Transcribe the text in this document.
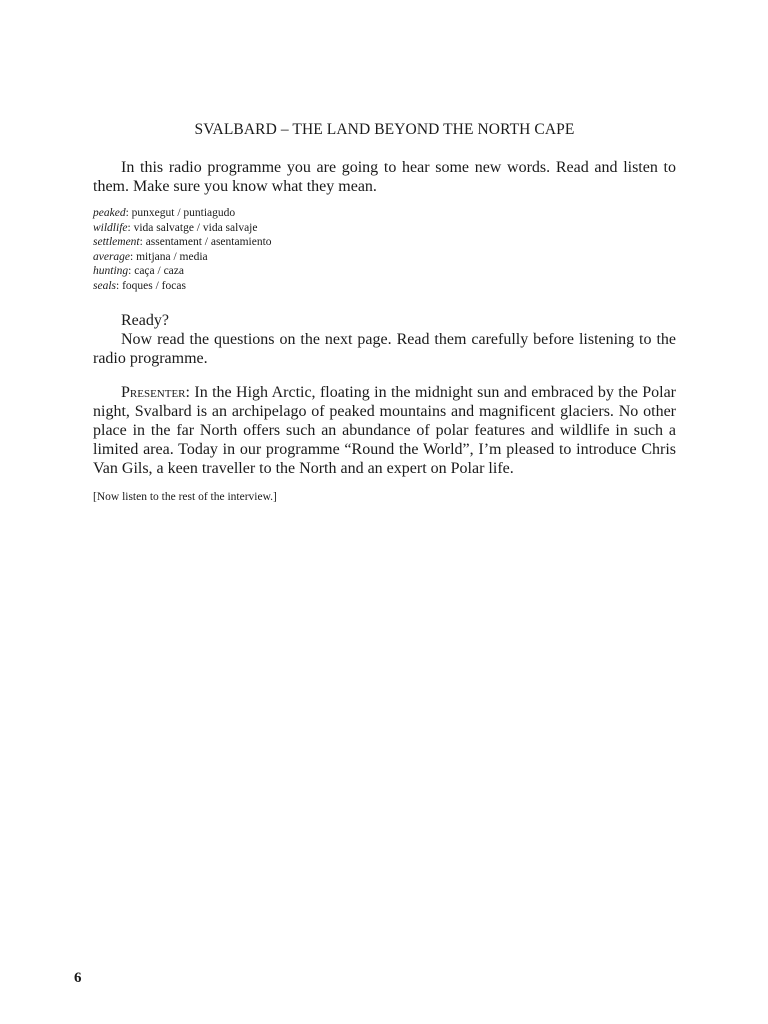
SVALBARD – THE LAND BEYOND THE NORTH CAPE

In this radio programme you are going to hear some new words. Read and listen to them. Make sure you know what they mean.

peaked: punxegut / puntiagudo
wildlife: vida salvatge / vida salvaje
settlement: assentament / asentamiento
average: mitjana / media
hunting: caça / caza
seals: foques / focas

Ready?

Now read the questions on the next page. Read them carefully before listening to the radio programme.

Presenter: In the High Arctic, floating in the midnight sun and embraced by the Polar night, Svalbard is an archipelago of peaked mountains and magnificent glaciers. No other place in the far North offers such an abundance of polar features and wildlife in such a limited area. Today in our programme “Round the World”, I’m pleased to introduce Chris Van Gils, a keen traveller to the North and an expert on Polar life.

[Now listen to the rest of the interview.]

6
